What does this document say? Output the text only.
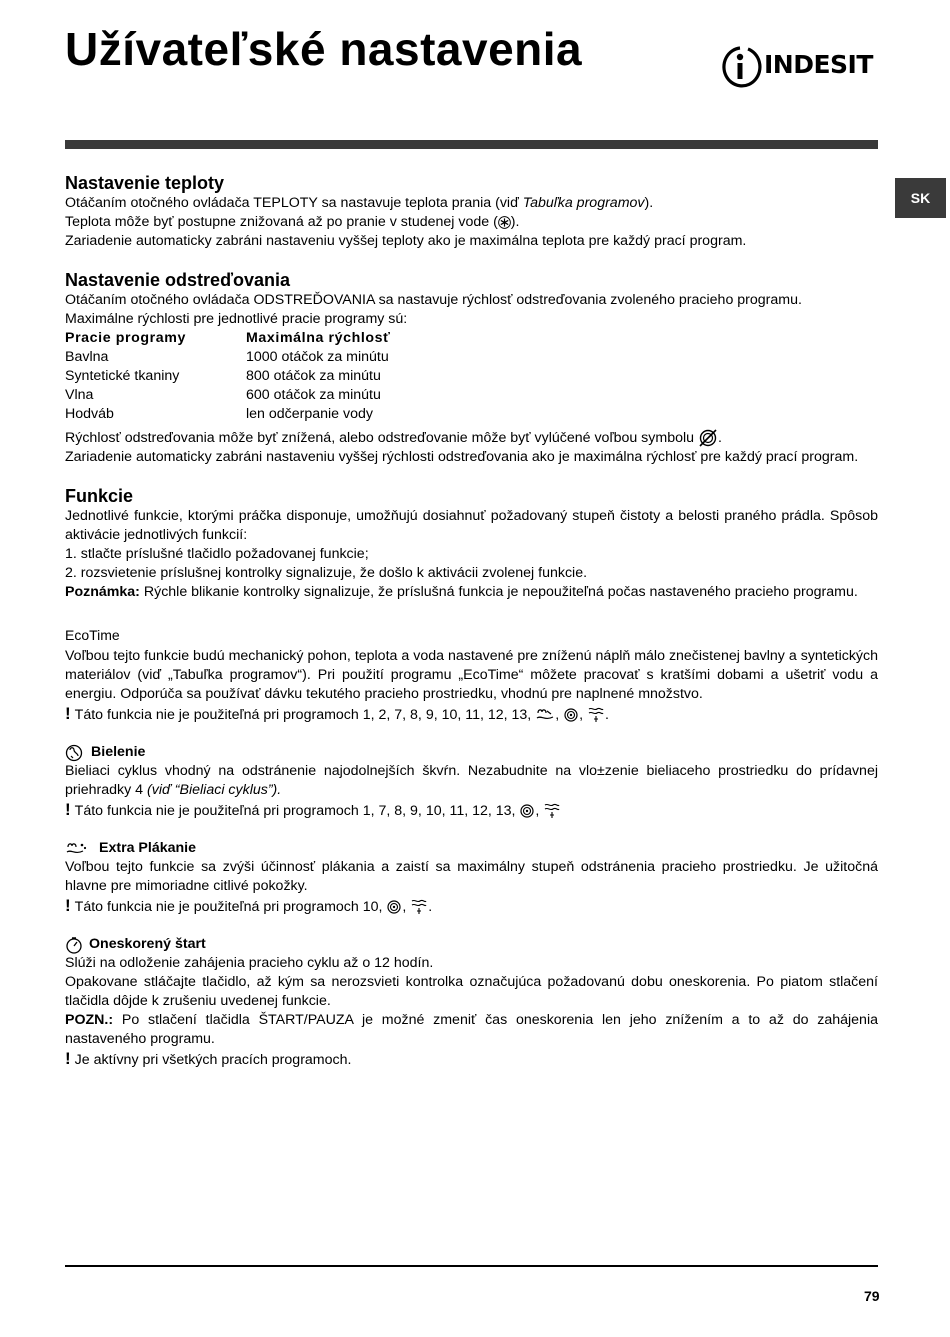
Užívateľské nastavenia	INDESIT
SK
Nastavenie teploty

Otáčaním otočného ovládača TEPLOTY sa nastavuje teplota prania (viď Tabuľka programov).

Teplota môže byť postupne znižovaná až po pranie v studenej vode ( ).

Zariadenie automaticky zabráni nastaveniu vyššej teploty ako je maximálna teplota pre každý prací program.

Nastavenie odstreďovania

Otáčaním otočného ovládača ODSTREĎOVANIA sa nastavuje rýchlosť odstreďovania zvoleného pracieho programu.

Maximálne rýchlosti pre jednotlivé pracie programy sú:

Pracie programy	Maximálna rýchlosť
Bavlna	1000 otáčok za minútu
Syntetické tkaniny	800 otáčok za minútu
Vlna	600 otáčok za minútu
Hodváb	len odčerpanie vody

Rýchlosť odstreďovania môže byť znížená, alebo odstreďovanie môže byť vylúčené voľbou symbolu .

Zariadenie automaticky zabráni nastaveniu vyššej rýchlosti odstreďovania ako je maximálna rýchlosť pre každý prací program.

Funkcie

Jednotlivé funkcie, ktorými práčka disponuje, umožňujú dosiahnuť požadovaný stupeň čistoty a belosti praného prádla. Spôsob aktivácie jednotlivých funkcií:

1. stlačte príslušné tlačidlo požadovanej funkcie;

2. rozsvietenie príslušnej kontrolky signalizuje, že došlo k aktivácii zvolenej funkcie.

Poznámka: Rýchle blikanie kontrolky signalizuje, že príslušná funkcia je nepoužiteľná počas nastaveného pracieho programu.

EcoTime

Voľbou tejto funkcie budú mechanický pohon, teplota a voda nastavené pre zníženú náplň málo znečistenej bavlny a syntetických materiálov (viď „Tabuľka programov“). Pri použití programu „EcoTime“ môžete pracovať s kratšími dobami a ušetriť vodu a energiu. Odporúča sa používať dávku tekutého pracieho prostriedku, vhodnú pre naplnené množstvo.

! Táto funkcia nie je použiteľná pri programoch 1, 2, 7, 8, 9, 10, 11, 12, 13, , , .

Bielenie

Bieliaci cyklus vhodný na odstránenie najodolnejších škvŕn. Nezabudnite na vlo±zenie bieliaceho prostriedku do prídavnej priehradky 4 (viď “Bieliaci cyklus”).

! Táto funkcia nie je použiteľná pri programoch 1, 7, 8, 9, 10, 11, 12, 13, ,

Extra Plákanie

Voľbou tejto funkcie sa zvýši účinnosť plákania a zaistí sa maximálny stupeň odstránenia pracieho prostriedku. Je užitočná hlavne pre mimoriadne citlivé pokožky.

! Táto funkcia nie je použiteľná pri programoch 10, , .

Oneskorený štart

Slúži na odloženie zahájenia pracieho cyklu až o 12 hodín.

Opakovane stláčajte tlačidlo, až kým sa nerozsvieti kontrolka označujúca požadovanú dobu oneskorenia. Po piatom stlačení tlačidla dôjde k zrušeniu uvedenej funkcie.

POZN.: Po stlačení tlačidla ŠTART/PAUZA je možné zmeniť čas oneskorenia len jeho znížením a to až do zahájenia nastaveného programu.

! Je aktívny pri všetkých pracích programoch.

79
